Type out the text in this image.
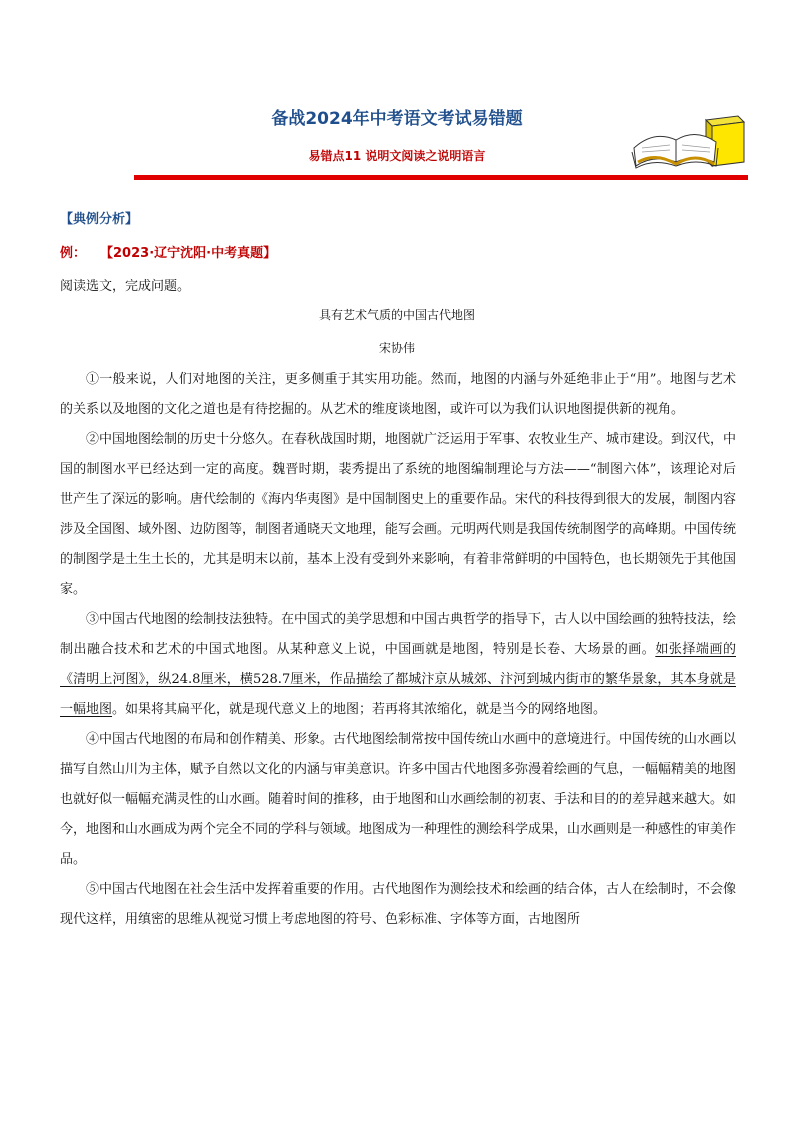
备战2024年中考语文考试易错题
易错点11 说明文阅读之说明语言
【典例分析】
例： 【2023·辽宁沈阳·中考真题】
阅读选文，完成问题。
具有艺术气质的中国古代地图
宋协伟

①一般来说，人们对地图的关注，更多侧重于其实用功能。然而，地图的内涵与外延绝非止于“用”。地图与艺术的关系以及地图的文化之道也是有待挖掘的。从艺术的维度谈地图，或许可以为我们认识地图提供新的视角。

②中国地图绘制的历史十分悠久。在春秋战国时期，地图就广泛运用于军事、农牧业生产、城市建设。到汉代，中国的制图水平已经达到一定的高度。魏晋时期，裴秀提出了系统的地图编制理论与方法——“制图六体”，该理论对后世产生了深远的影响。唐代绘制的《海内华夷图》是中国制图史上的重要作品。宋代的科技得到很大的发展，制图内容涉及全国图、域外图、边防图等，制图者通晓天文地理，能写会画。元明两代则是我国传统制图学的高峰期。中国传统的制图学是土生土长的，尤其是明末以前，基本上没有受到外来影响，有着非常鲜明的中国特色，也长期领先于其他国家。

③中国古代地图的绘制技法独特。在中国式的美学思想和中国古典哲学的指导下，古人以中国绘画的独特技法，绘制出融合技术和艺术的中国式地图。从某种意义上说，中国画就是地图，特别是长卷、大场景的画。如张择端画的《清明上河图》，纵24.8厘米，横528.7厘米，作品描绘了都城汴京从城郊、汴河到城内街市的繁华景象，其本身就是一幅地图。如果将其扁平化，就是现代意义上的地图；若再将其浓缩化，就是当今的网络地图。

④中国古代地图的布局和创作精美、形象。古代地图绘制常按中国传统山水画中的意境进行。中国传统的山水画以描写自然山川为主体，赋予自然以文化的内涵与审美意识。许多中国古代地图多弥漫着绘画的气息，一幅幅精美的地图也就好似一幅幅充满灵性的山水画。随着时间的推移，由于地图和山水画绘制的初衷、手法和目的的差异越来越大。如今，地图和山水画成为两个完全不同的学科与领域。地图成为一种理性的测绘科学成果，山水画则是一种感性的审美作品。

⑤中国古代地图在社会生活中发挥着重要的作用。古代地图作为测绘技术和绘画的结合体，古人在绘制时，不会像现代这样，用缜密的思维从视觉习惯上考虑地图的符号、色彩标准、字体等方面，古地图所
